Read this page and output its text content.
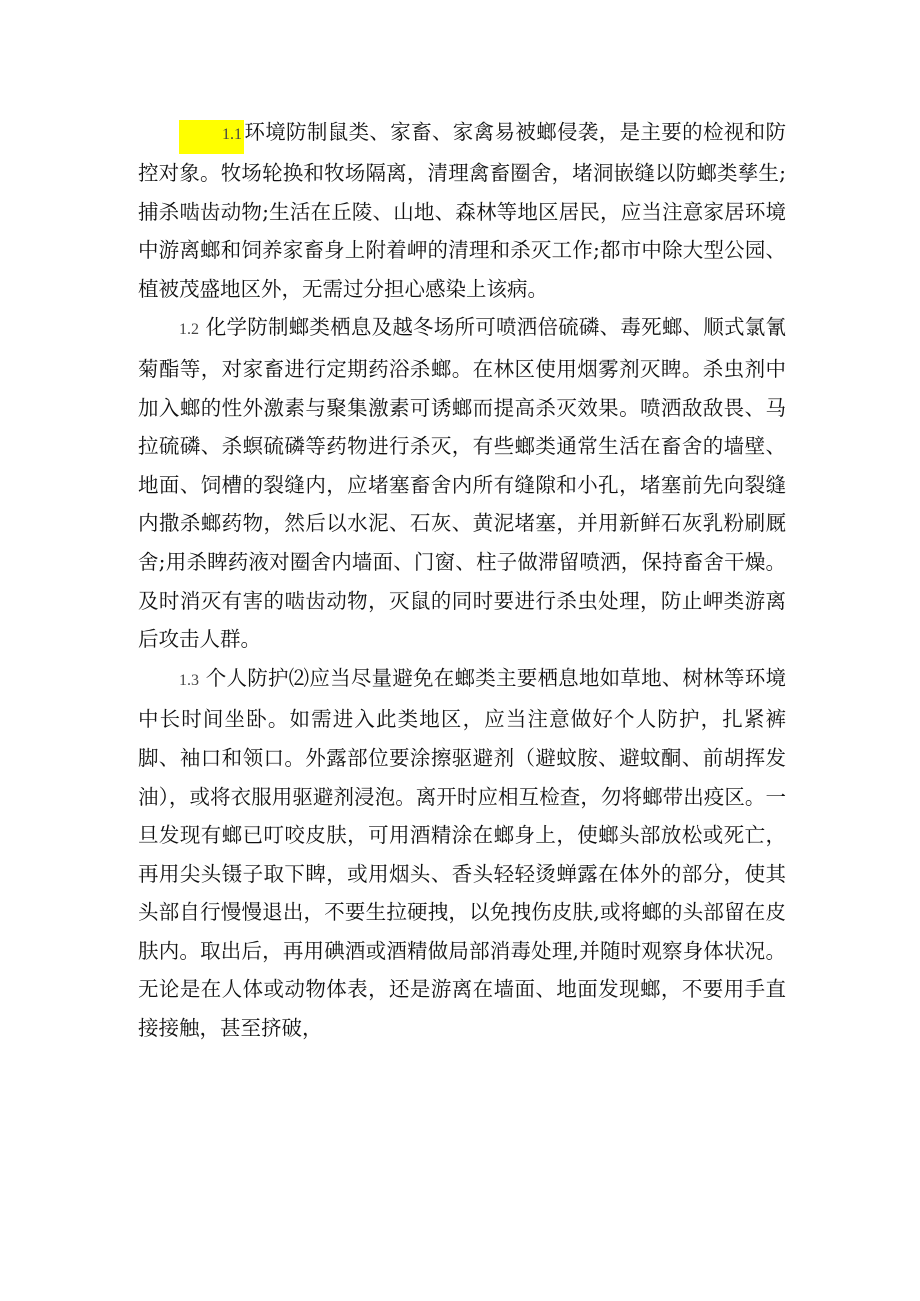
1.1环境防制鼠类、家畜、家禽易被螂侵袭，是主要的检视和防控对象。牧场轮换和牧场隔离，清理禽畜圈舍，堵洞嵌缝以防螂类孳生;捕杀啮齿动物;生活在丘陵、山地、森林等地区居民，应当注意家居环境中游离螂和饲养家畜身上附着岬的清理和杀灭工作;都市中除大型公园、植被茂盛地区外，无需过分担心感染上该病。

1.2 化学防制螂类栖息及越冬场所可喷洒倍硫磷、毒死螂、顺式氯氰菊酯等，对家畜进行定期药浴杀螂。在林区使用烟雾剂灭睥。杀虫剂中加入螂的性外激素与聚集激素可诱螂而提高杀灭效果。喷洒敌敌畏、马拉硫磷、杀螟硫磷等药物进行杀灭，有些螂类通常生活在畜舍的墙壁、地面、饲槽的裂缝内，应堵塞畜舍内所有缝隙和小孔，堵塞前先向裂缝内撒杀螂药物，然后以水泥、石灰、黄泥堵塞，并用新鲜石灰乳粉刷厩舍;用杀睥药液对圈舍内墙面、门窗、柱子做滞留喷洒，保持畜舍干燥。及时消灭有害的啮齿动物，灭鼠的同时要进行杀虫处理，防止岬类游离后攻击人群。

1.3 个人防护⑵应当尽量避免在螂类主要栖息地如草地、树林等环境中长时间坐卧。如需进入此类地区，应当注意做好个人防护，扎紧裤脚、袖口和领口。外露部位要涂擦驱避剂（避蚊胺、避蚊酮、前胡挥发油），或将衣服用驱避剂浸泡。离开时应相互检查，勿将螂带出疫区。一旦发现有螂已叮咬皮肤，可用酒精涂在螂身上，使螂头部放松或死亡，再用尖头镊子取下睥，或用烟头、香头轻轻烫蝉露在体外的部分，使其头部自行慢慢退出，不要生拉硬拽，以免拽伤皮肤,或将螂的头部留在皮肤内。取出后，再用碘酒或酒精做局部消毒处理,并随时观察身体状况。无论是在人体或动物体表，还是游离在墙面、地面发现螂，不要用手直接接触，甚至挤破，
